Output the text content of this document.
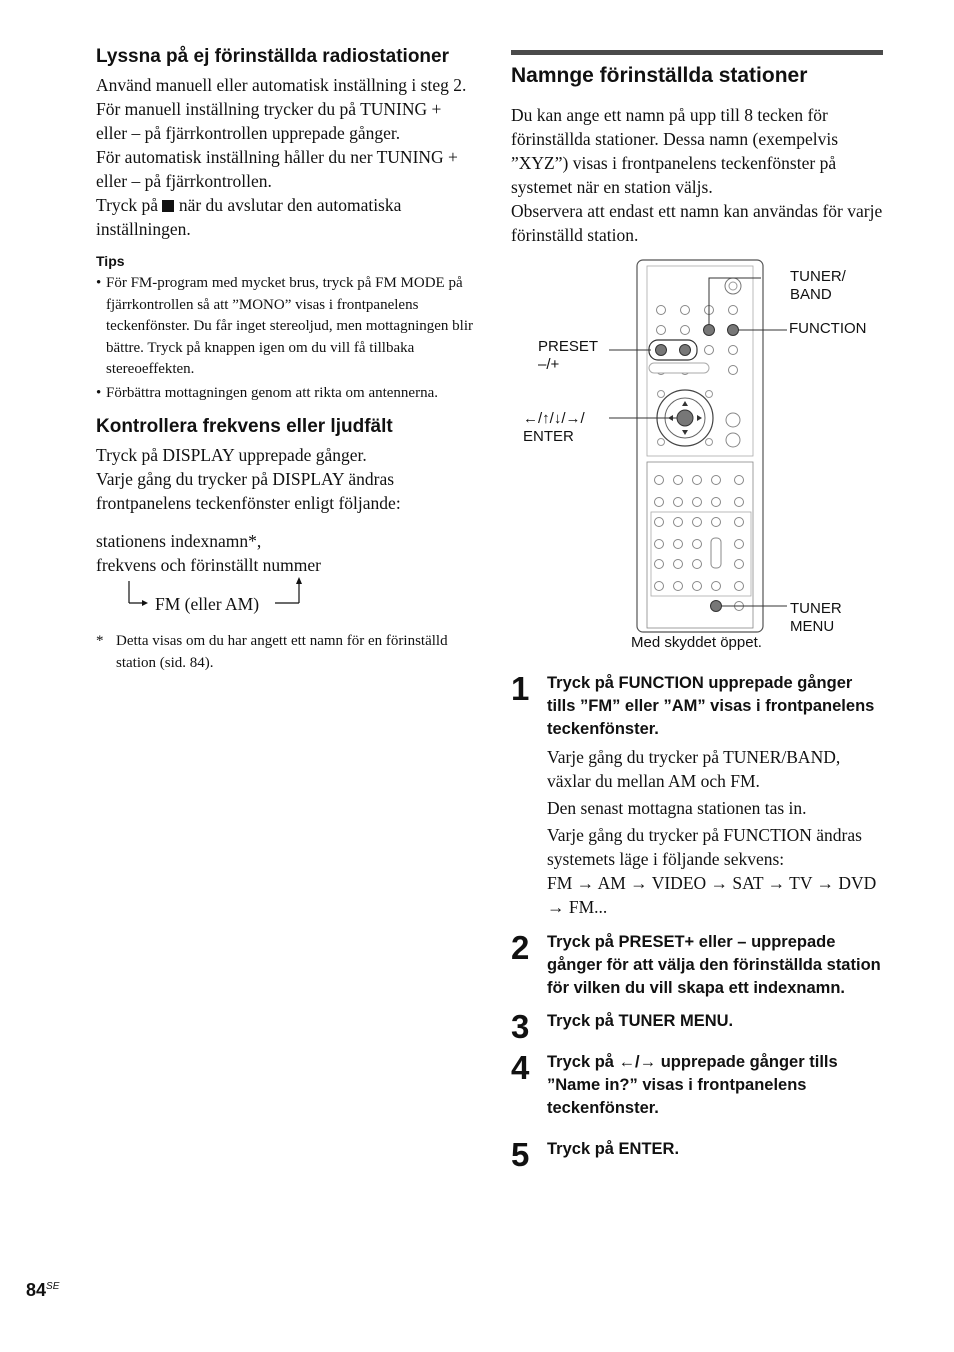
Lyssna på ej förinställda radiostationer

Använd manuell eller automatisk inställning i steg 2.

För manuell inställning trycker du på TUNING + eller – på fjärrkontrollen upprepade gånger.

För automatisk inställning håller du ner TUNING + eller – på fjärrkontrollen.

Tryck på när du avslutar den automatiska inställningen.

Tips

• För FM-program med mycket brus, tryck på FM MODE på fjärrkontrollen så att ”MONO” visas i frontpanelens teckenfönster. Du får inget stereoljud, men mottagningen blir bättre. Tryck på knappen igen om du vill få tillbaka stereoeffekten.

• Förbättra mottagningen genom att rikta om antennerna.

Kontrollera frekvens eller ljudfält

Tryck på DISPLAY upprepade gånger.

Varje gång du trycker på DISPLAY ändras frontpanelens teckenfönster enligt följande:

stationens indexnamn*,

frekvens och förinställt nummer

FM (eller AM)
* Detta visas om du har angett ett namn för en förinställd station (sid. 84).
Namnge förinställda stationer

Du kan ange ett namn på upp till 8 tecken för förinställda stationer. Dessa namn (exempelvis ”XYZ”) visas i frontpanelens teckenfönster på systemet när en station väljs.

Observera att endast ett namn kan användas för varje förinställd station.

TUNER/
BAND
FUNCTION
PRESET
–/+
←/↑/↓/→/
ENTER
TUNER
MENU
Med skyddet öppet.
1 Tryck på FUNCTION upprepade gånger tills ”FM” eller ”AM” visas i frontpanelens teckenfönster.

Varje gång du trycker på TUNER/BAND, växlar du mellan AM och FM.

Den senast mottagna stationen tas in.

Varje gång du trycker på FUNCTION ändras systemets läge i följande sekvens:

FM → AM → VIDEO → SAT → TV → DVD → FM...

2 Tryck på PRESET+ eller – upprepade gånger för att välja den förinställda station för vilken du vill skapa ett indexnamn.
3 Tryck på TUNER MENU.
4 Tryck på ←/→ upprepade gånger tills ”Name in?” visas i frontpanelens teckenfönster.
5 Tryck på ENTER.
$84^{SE}$
